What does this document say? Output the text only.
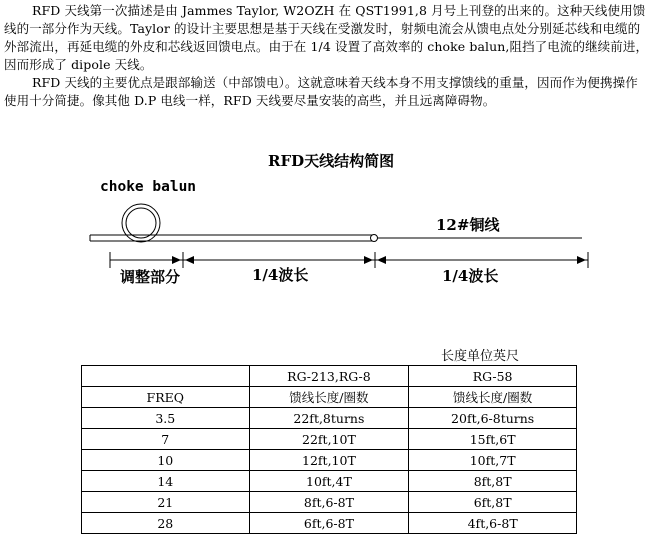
RFD 天线第一次描述是由 Jammes Taylor, W2OZH 在 QST1991,8 月号上刊登的出来的。这种天线使用馈线的一部分作为天线。Taylor 的设计主要思想是基于天线在受激发时，射频电流会从馈电点处分别延芯线和电缆的外部流出，再延电缆的外皮和芯线返回馈电点。由于在 1/4 设置了高效率的 choke balun,阻挡了电流的继续前进，因而形成了 dipole 天线。

RFD 天线的主要优点是跟部输送（中部馈电）。这就意味着天线本身不用支撑馈线的重量，因而作为便携操作使用十分简捷。像其他 D.P 电线一样，RFD 天线要尽量安装的高些，并且远离障碍物。

RFD天线结构简图
choke balun
12#铜线
调整部分	1/4波长	1/4波长
长度单位英尺
	RG-213,RG-8	RG-58
FREQ	馈线长度/圈数	馈线长度/圈数
3.5	22ft,8turns	20ft,6-8turns
7	22ft,10T	15ft,6T
10	12ft,10T	10ft,7T
14	10ft,4T	8ft,8T
21	8ft,6-8T	6ft,8T
28	6ft,6-8T	4ft,6-8T
